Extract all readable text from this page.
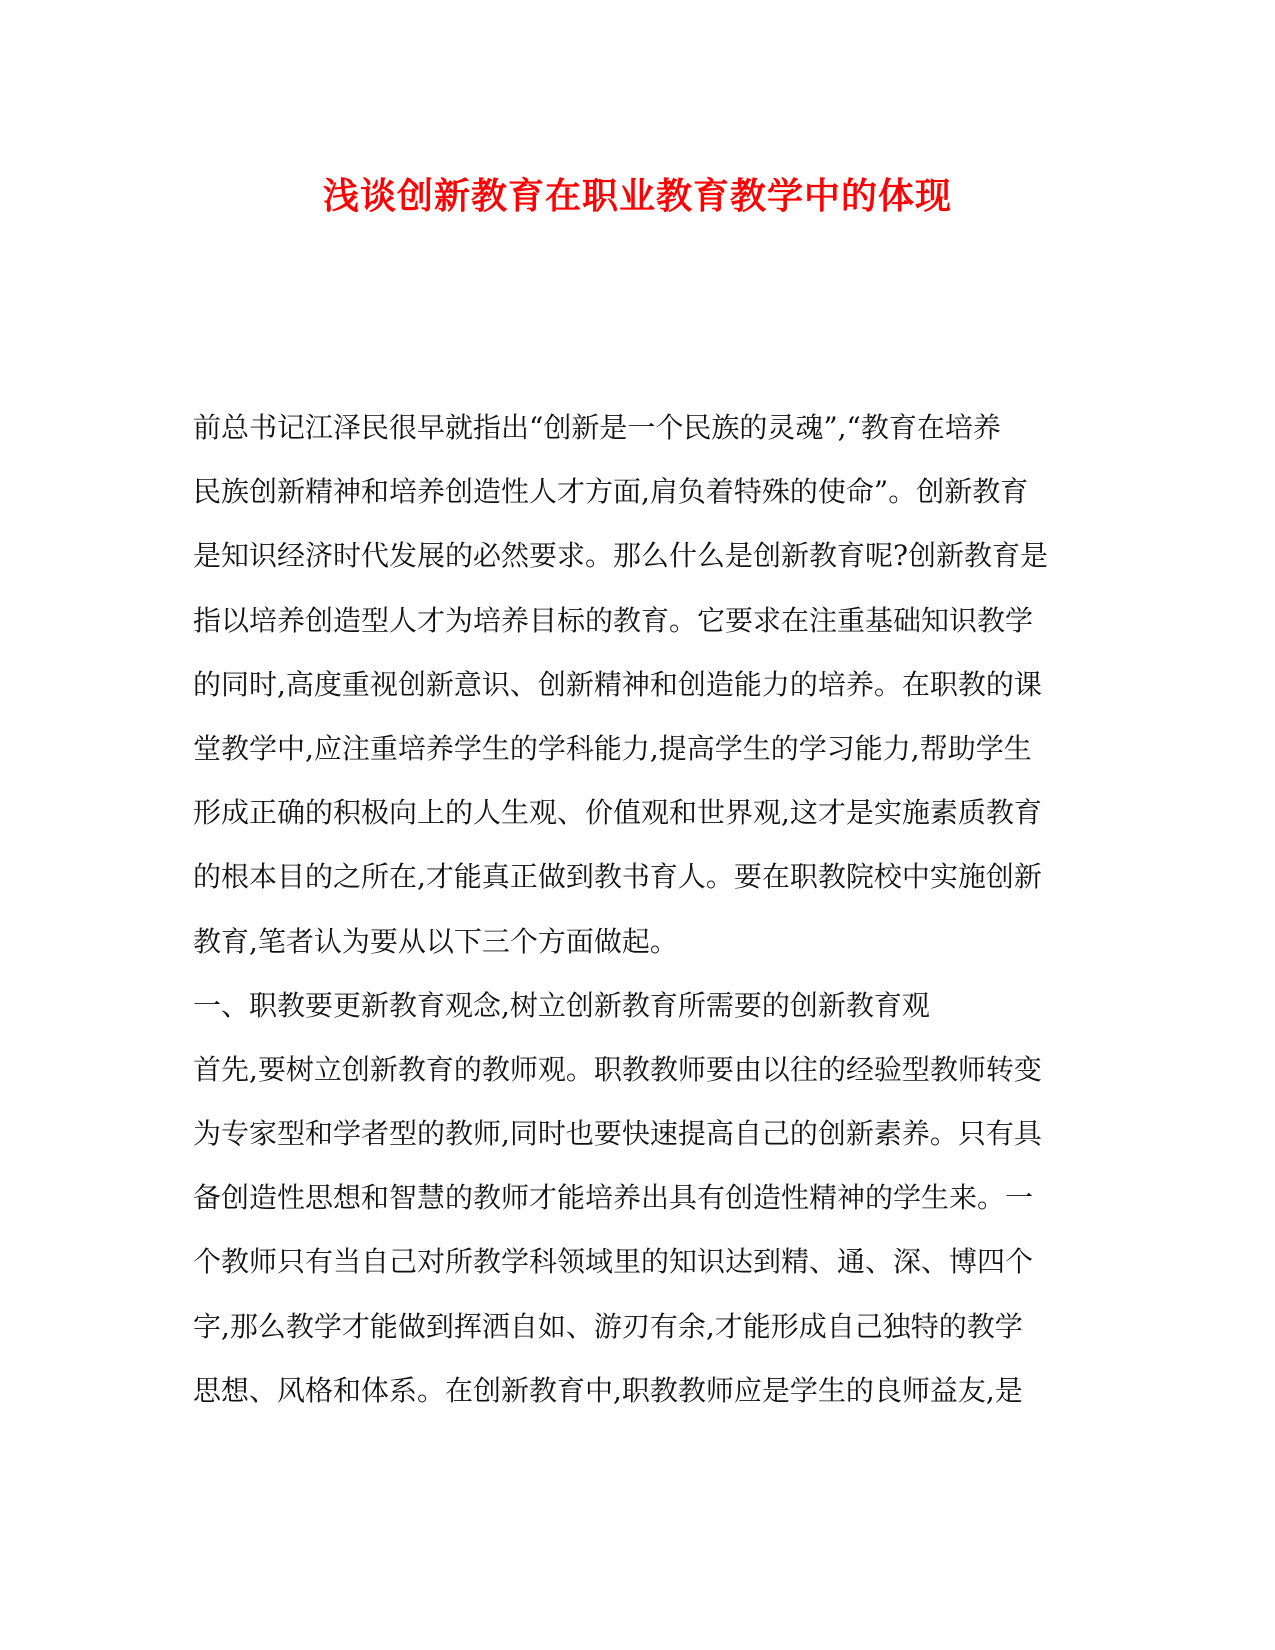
浅谈创新教育在职业教育教学中的体现
前总书记江泽民很早就指出“创新是一个民族的灵魂”,“教育在培养
民族创新精神和培养创造性人才方面,肩负着特殊的使命”。创新教育
是知识经济时代发展的必然要求。那么什么是创新教育呢?创新教育是
指以培养创造型人才为培养目标的教育。它要求在注重基础知识教学
的同时,高度重视创新意识、创新精神和创造能力的培养。在职教的课
堂教学中,应注重培养学生的学科能力,提高学生的学习能力,帮助学生
形成正确的积极向上的人生观、价值观和世界观,这才是实施素质教育
的根本目的之所在,才能真正做到教书育人。要在职教院校中实施创新
教育,笔者认为要从以下三个方面做起。
一、职教要更新教育观念,树立创新教育所需要的创新教育观
首先,要树立创新教育的教师观。职教教师要由以往的经验型教师转变
为专家型和学者型的教师,同时也要快速提高自己的创新素养。只有具
备创造性思想和智慧的教师才能培养出具有创造性精神的学生来。一
个教师只有当自己对所教学科领域里的知识达到精、通、深、博四个
字,那么教学才能做到挥洒自如、游刃有余,才能形成自己独特的教学
思想、风格和体系。在创新教育中,职教教师应是学生的良师益友,是
